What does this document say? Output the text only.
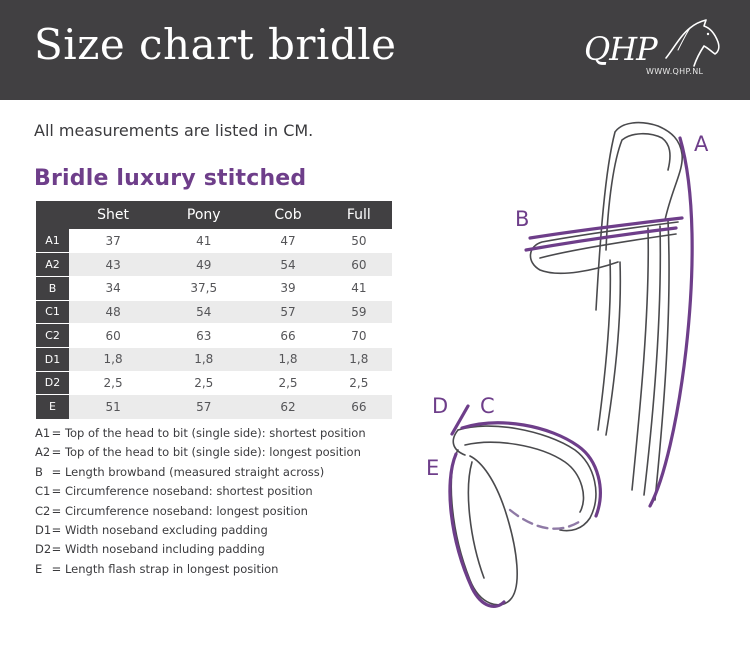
Size chart bridle	QHP
WWW.QHP.NL
All measurements are listed in CM.
Bridle luxury stitched
	Shet	Pony	Cob	Full
A1	37	41	47	50
A2	43	49	54	60
B	34	37,5	39	41
C1	48	54	57	59
C2	60	63	66	70
D1	1,8	1,8	1,8	1,8
D2	2,5	2,5	2,5	2,5
E	51	57	62	66
A1 = Top of the head to bit (single side): shortest position
A2 = Top of the head to bit (single side): longest position
B = Length browband (measured straight across)
C1 = Circumference noseband: shortest position
C2 = Circumference noseband: longest position
D1 = Width noseband excluding padding
D2 = Width noseband including padding
E = Length flash strap in longest position
A
B
C
D
E
